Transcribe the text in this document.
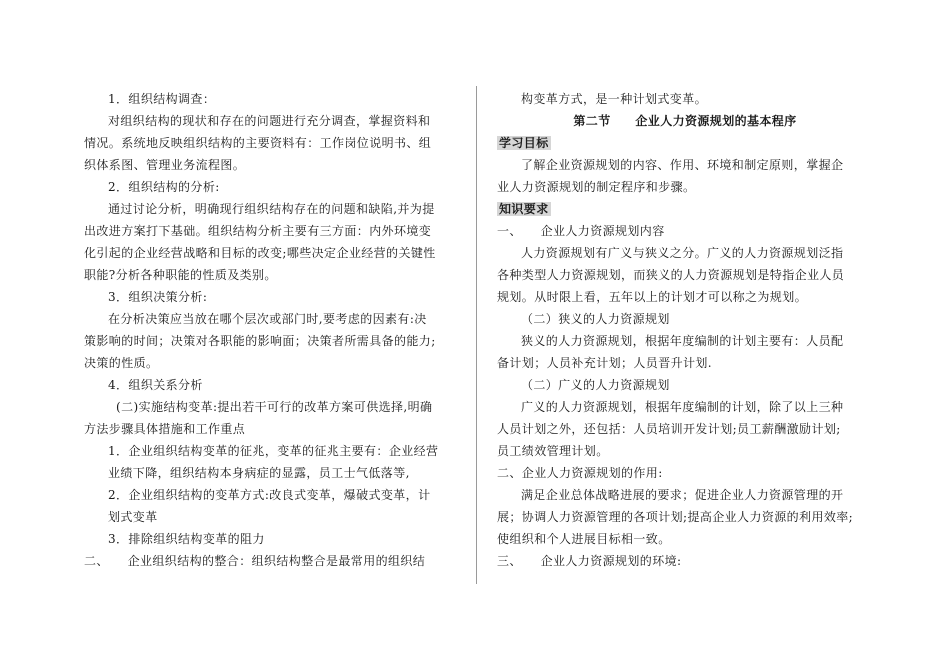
1．组织结构调查：
对组织结构的现状和存在的问题进行充分调查，掌握资料和
情况。系统地反映组织结构的主要资料有：工作岗位说明书、组
织体系图、管理业务流程图。
2．组织结构的分析:
通过讨论分析，明确现行组织结构存在的问题和缺陷,并为提
出改进方案打下基础。组织结构分析主要有三方面：内外环境变
化引起的企业经营战略和目标的改变;哪些决定企业经营的关键性
职能?分析各种职能的性质及类别。
3．组织决策分析:
在分析决策应当放在哪个层次或部门时,要考虑的因素有:决
策影响的时间；决策对各职能的影响面；决策者所需具备的能力;
决策的性质。
4．组织关系分析
(二)实施结构变革:提出若干可行的改革方案可供选择,明确
方法步骤具体措施和工作重点
1．企业组织结构变革的征兆，变革的征兆主要有：企业经营
业绩下降，组织结构本身病症的显露，员工士气低落等,
2．企业组织结构的变革方式:改良式变革，爆破式变革，计
划式变革
3．排除组织结构变革的阻力
二、　　企业组织结构的整合：组织结构整合是最常用的组织结
构变革方式，是一种计划式变革。
第二节　　企业人力资源规划的基本程序
学习目标
了解企业资源规划的内容、作用、环境和制定原则，掌握企
业人力资源规划的制定程序和步骤。
知识要求
一、　　企业人力资源规划内容
人力资源规划有广义与狭义之分。广义的人力资源规划泛指
各种类型人力资源规划，而狭义的人力资源规划是特指企业人员
规划。从时限上看，五年以上的计划才可以称之为规划。
（二）狭义的人力资源规划
狭义的人力资源规划，根据年度编制的计划主要有：人员配
备计划；人员补充计划；人员晋升计划.
（二）广义的人力资源规划
广义的人力资源规划，根据年度编制的计划，除了以上三种
人员计划之外，还包括：人员培训开发计划;员工薪酬激励计划;
员工绩效管理计划。
二、企业人力资源规划的作用:
满足企业总体战略进展的要求；促进企业人力资源管理的开
展；协调人力资源管理的各项计划;提高企业人力资源的利用效率;
使组织和个人进展目标相一致。
三、　　企业人力资源规划的环境:
